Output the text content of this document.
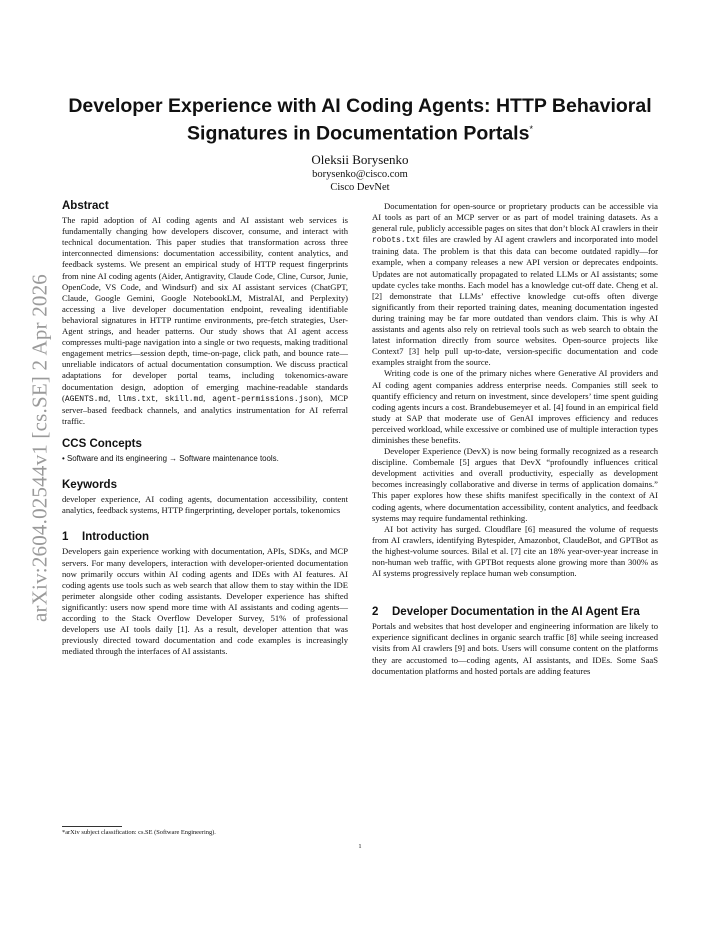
arXiv:2604.02544v1 [cs.SE] 2 Apr 2026
Developer Experience with AI Coding Agents: HTTP Behavioral Signatures in Documentation Portals*
Oleksii Borysenko
borysenko@cisco.com
Cisco DevNet
Abstract

The rapid adoption of AI coding agents and AI assistant web services is fundamentally changing how developers discover, consume, and interact with technical documentation. This paper studies that transformation across three interconnected dimensions: documentation accessibility, content analytics, and feedback systems. We present an empirical study of HTTP request fingerprints from nine AI coding agents (Aider, Antigravity, Claude Code, Cline, Cursor, Junie, OpenCode, VS Code, and Windsurf) and six AI assistant services (ChatGPT, Claude, Google Gemini, Google NotebookLM, MistralAI, and Perplexity) accessing a live developer documentation endpoint, revealing identifiable behavioral signatures in HTTP runtime environments, pre-fetch strategies, User-Agent strings, and header patterns. Our study shows that AI agent access compresses multi-page navigation into a single or two requests, making traditional engagement metrics—session depth, time-on-page, click path, and bounce rate—unreliable indicators of actual documentation consumption. We discuss practical adaptations for developer portal teams, including tokenomics-aware documentation design, adoption of emerging machine-readable standards (AGENTS.md, llms.txt, skill.md, agent-permissions.json), MCP server–based feedback channels, and analytics instrumentation for AI referral traffic.

CCS Concepts

• Software and its engineering → Software maintenance tools.

Keywords

developer experience, AI coding agents, documentation accessibility, content analytics, feedback systems, HTTP fingerprinting, developer portals, tokenomics

1 Introduction

Developers gain experience working with documentation, APIs, SDKs, and MCP servers. For many developers, interaction with developer-oriented documentation now primarily occurs within AI coding agents and IDEs with AI features. AI coding agents use tools such as web search that allow them to stay within the IDE perimeter alongside other coding assistants. Developer experience has shifted significantly: users now spend more time with AI assistants and coding agents—according to the Stack Overflow Developer Survey, 51% of professional developers use AI tools daily [1]. As a result, developer attention that was previously directed toward documentation and code examples is increasingly mediated through the interfaces of AI assistants.

Documentation for open-source or proprietary products can be accessible via AI tools as part of an MCP server or as part of model training datasets. As a general rule, publicly accessible pages on sites that don’t block AI crawlers in their robots.txt files are crawled by AI agent crawlers and incorporated into model training data. The problem is that this data can become outdated rapidly—for example, when a company releases a new API version or deprecates endpoints. Updates are not automatically propagated to related LLMs or AI assistants; some update cycles take months. Each model has a knowledge cut-off date. Cheng et al. [2] demonstrate that LLMs’ effective knowledge cut-offs often diverge significantly from their reported training dates, meaning documentation ingested during training may be far more outdated than vendors claim. This is why AI assistants and agents also rely on retrieval tools such as web search to obtain the latest information directly from source websites. Open-source projects like Context7 [3] help pull up-to-date, version-specific documentation and code examples straight from the source.

Writing code is one of the primary niches where Generative AI providers and AI coding agent companies address enterprise needs. Companies still seek to quantify efficiency and return on investment, since developers’ time spent guiding coding agents incurs a cost. Brandebusemeyer et al. [4] found in an empirical field study at SAP that moderate use of GenAI improves efficiency and reduces perceived workload, while excessive or combined use of multiple interaction types diminishes these benefits.

Developer Experience (DevX) is now being formally recognized as a research discipline. Combemale [5] argues that DevX “profoundly influences critical development activities and overall productivity, especially as development becomes increasingly collaborative and diverse in terms of application domains.” This paper explores how these shifts manifest specifically in the context of AI coding agents, where documentation accessibility, content analytics, and feedback systems may require fundamental rethinking.

AI bot activity has surged. Cloudflare [6] measured the volume of requests from AI crawlers, identifying Bytespider, Amazonbot, ClaudeBot, and GPTBot as the highest-volume sources. Bilal et al. [7] cite an 18% year-over-year increase in non-human web traffic, with GPTBot requests alone growing more than 300% as AI systems progressively replace human web consumption.

2 Developer Documentation in the AI Agent Era

Portals and websites that host developer and engineering information are likely to experience significant declines in organic search traffic [8] while seeing increased visits from AI crawlers [9] and bots. Users will consume content on the platforms they are accustomed to—coding agents, AI assistants, and IDEs. Some SaaS documentation platforms and hosted portals are adding features

*arXiv subject classification: cs.SE (Software Engineering).
1
